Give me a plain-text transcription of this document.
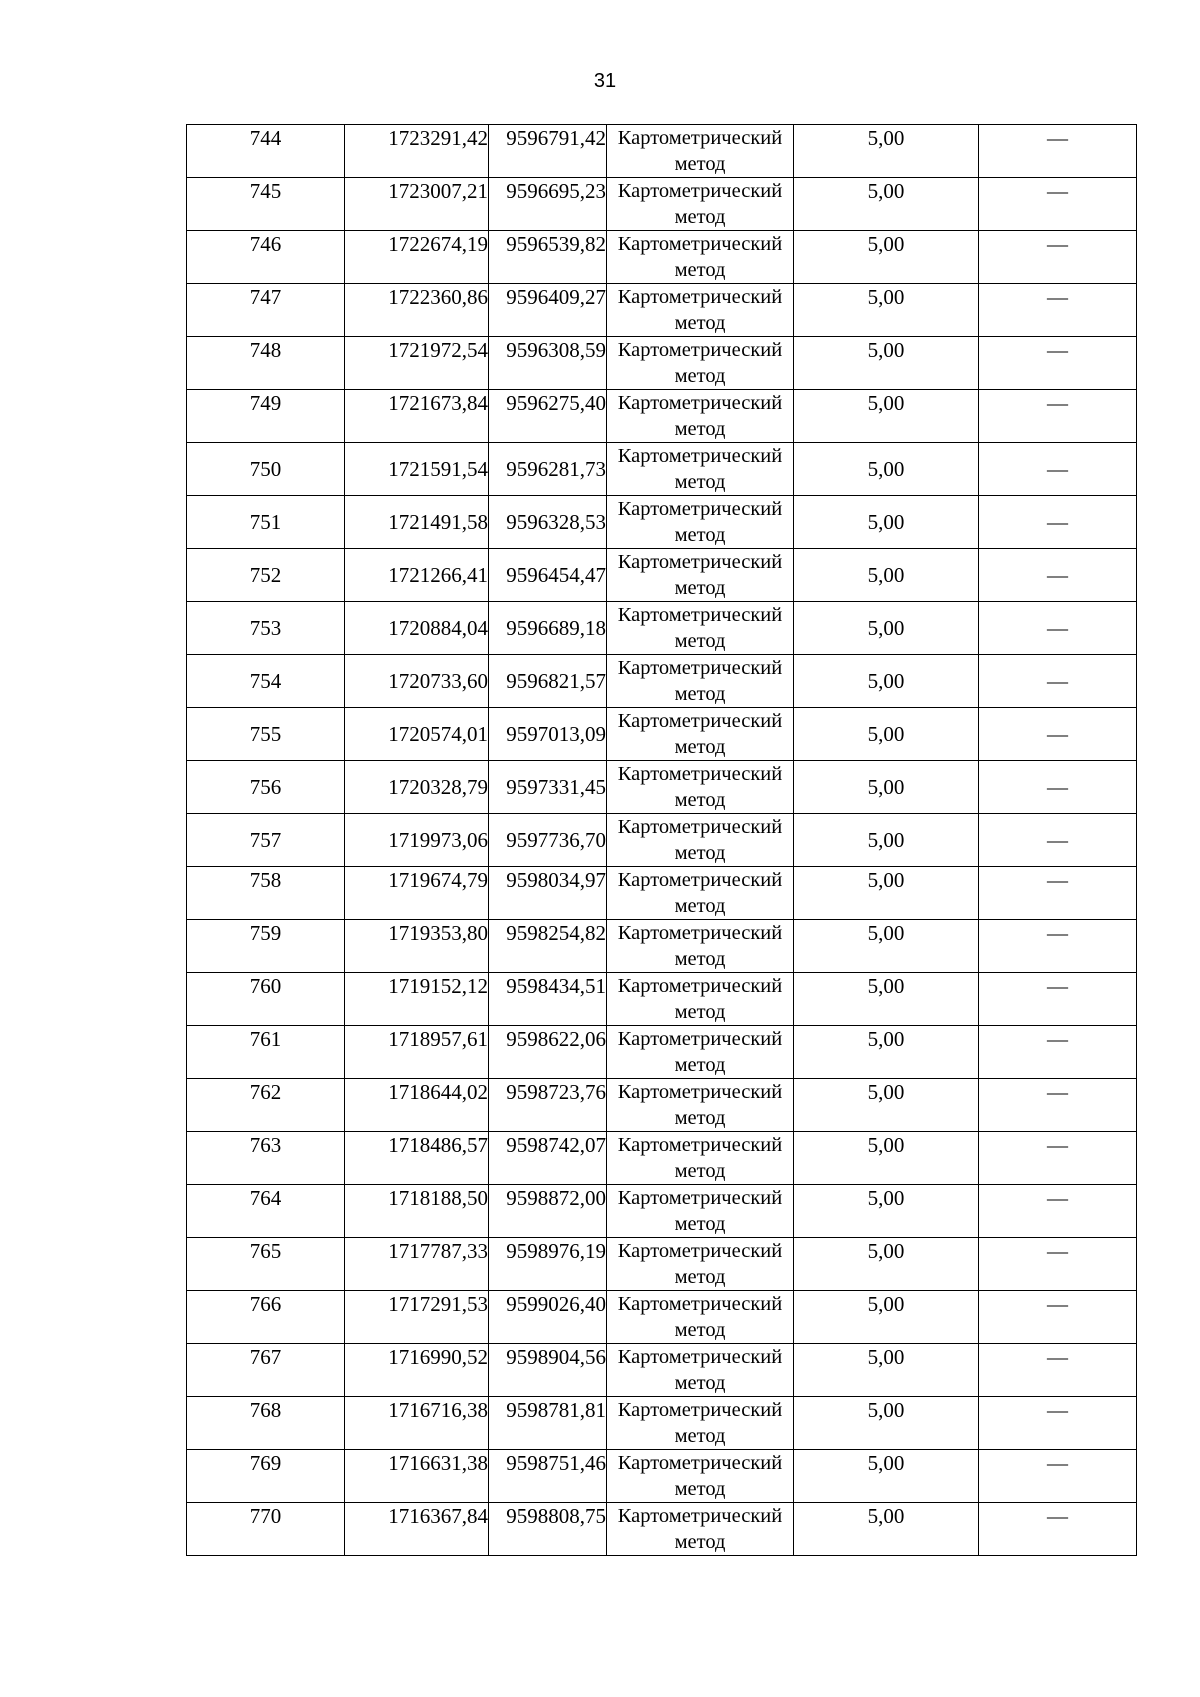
31
744	1723291,42	9596791,42	Картометрический метод	5,00	—
745	1723007,21	9596695,23	Картометрический метод	5,00	—
746	1722674,19	9596539,82	Картометрический метод	5,00	—
747	1722360,86	9596409,27	Картометрический метод	5,00	—
748	1721972,54	9596308,59	Картометрический метод	5,00	—
749	1721673,84	9596275,40	Картометрический метод	5,00	—
750	1721591,54	9596281,73	Картометрический метод	5,00	—
751	1721491,58	9596328,53	Картометрический метод	5,00	—
752	1721266,41	9596454,47	Картометрический метод	5,00	—
753	1720884,04	9596689,18	Картометрический метод	5,00	—
754	1720733,60	9596821,57	Картометрический метод	5,00	—
755	1720574,01	9597013,09	Картометрический метод	5,00	—
756	1720328,79	9597331,45	Картометрический метод	5,00	—
757	1719973,06	9597736,70	Картометрический метод	5,00	—
758	1719674,79	9598034,97	Картометрический метод	5,00	—
759	1719353,80	9598254,82	Картометрический метод	5,00	—
760	1719152,12	9598434,51	Картометрический метод	5,00	—
761	1718957,61	9598622,06	Картометрический метод	5,00	—
762	1718644,02	9598723,76	Картометрический метод	5,00	—
763	1718486,57	9598742,07	Картометрический метод	5,00	—
764	1718188,50	9598872,00	Картометрический метод	5,00	—
765	1717787,33	9598976,19	Картометрический метод	5,00	—
766	1717291,53	9599026,40	Картометрический метод	5,00	—
767	1716990,52	9598904,56	Картометрический метод	5,00	—
768	1716716,38	9598781,81	Картометрический метод	5,00	—
769	1716631,38	9598751,46	Картометрический метод	5,00	—
770	1716367,84	9598808,75	Картометрический метод	5,00	—
